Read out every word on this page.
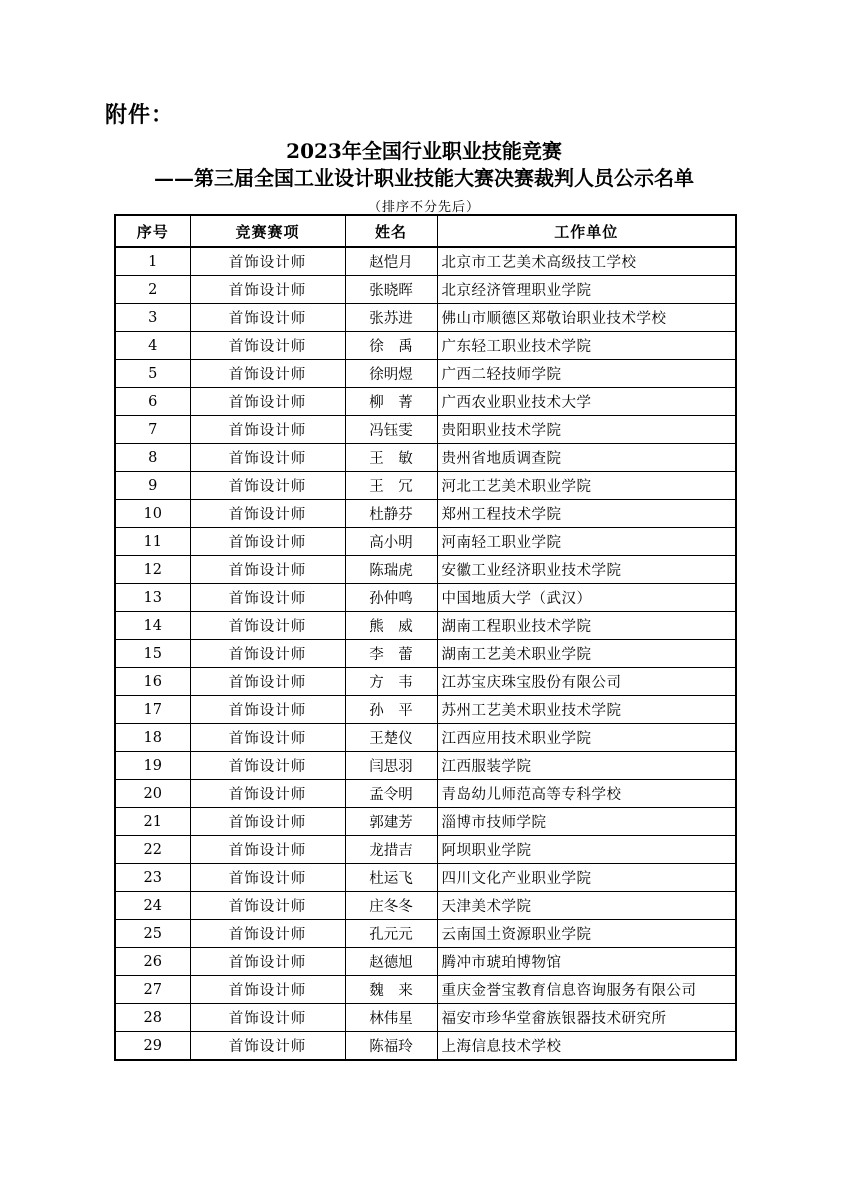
附件：
2023年全国行业职业技能竞赛
——第三届全国工业设计职业技能大赛决赛裁判人员公示名单
（排序不分先后）
序号	竞赛赛项	姓名	工作单位
1	首饰设计师	赵恺月	北京市工艺美术高级技工学校
2	首饰设计师	张晓晖	北京经济管理职业学院
3	首饰设计师	张苏进	佛山市顺德区郑敬诒职业技术学校
4	首饰设计师	徐　禹	广东轻工职业技术学院
5	首饰设计师	徐明煜	广西二轻技师学院
6	首饰设计师	柳　菁	广西农业职业技术大学
7	首饰设计师	冯钰雯	贵阳职业技术学院
8	首饰设计师	王　敏	贵州省地质调查院
9	首饰设计师	王　冗	河北工艺美术职业学院
10	首饰设计师	杜静芬	郑州工程技术学院
11	首饰设计师	高小明	河南轻工职业学院
12	首饰设计师	陈瑞虎	安徽工业经济职业技术学院
13	首饰设计师	孙仲鸣	中国地质大学（武汉）
14	首饰设计师	熊　威	湖南工程职业技术学院
15	首饰设计师	李　蕾	湖南工艺美术职业学院
16	首饰设计师	方　韦	江苏宝庆珠宝股份有限公司
17	首饰设计师	孙　平	苏州工艺美术职业技术学院
18	首饰设计师	王楚仪	江西应用技术职业学院
19	首饰设计师	闫思羽	江西服装学院
20	首饰设计师	孟令明	青岛幼儿师范高等专科学校
21	首饰设计师	郭建芳	淄博市技师学院
22	首饰设计师	龙措吉	阿坝职业学院
23	首饰设计师	杜运飞	四川文化产业职业学院
24	首饰设计师	庄冬冬	天津美术学院
25	首饰设计师	孔元元	云南国土资源职业学院
26	首饰设计师	赵德旭	腾冲市琥珀博物馆
27	首饰设计师	魏　来	重庆金誉宝教育信息咨询服务有限公司
28	首饰设计师	林伟星	福安市珍华堂畲族银器技术研究所
29	首饰设计师	陈福玲	上海信息技术学校
